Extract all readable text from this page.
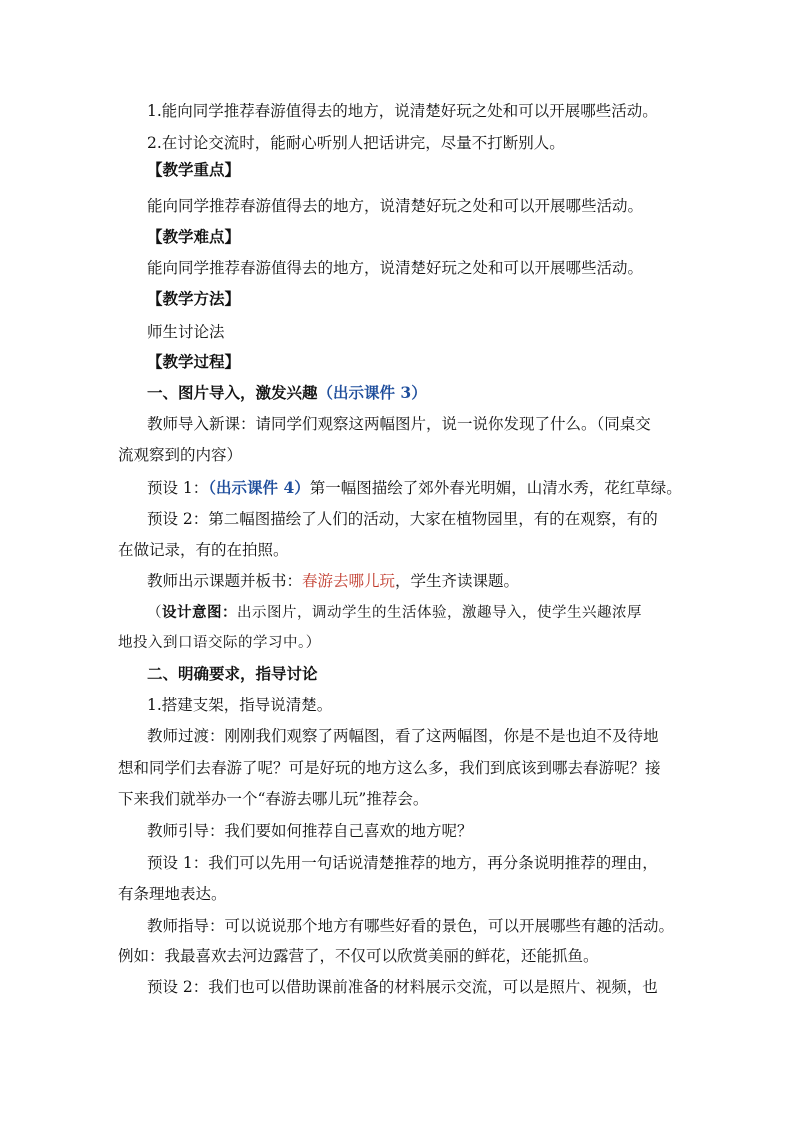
1.能向同学推荐春游值得去的地方，说清楚好玩之处和可以开展哪些活动。
2.在讨论交流时，能耐心听别人把话讲完，尽量不打断别人。
【教学重点】
能向同学推荐春游值得去的地方，说清楚好玩之处和可以开展哪些活动。
【教学难点】
能向同学推荐春游值得去的地方，说清楚好玩之处和可以开展哪些活动。
【教学方法】
师生讨论法
【教学过程】
一、图片导入，激发兴趣（出示课件 3）
教师导入新课：请同学们观察这两幅图片，说一说你发现了什么。（同桌交
流观察到的内容）
预设 1：（出示课件 4）第一幅图描绘了郊外春光明媚，山清水秀，花红草绿。
预设 2：第二幅图描绘了人们的活动，大家在植物园里，有的在观察，有的
在做记录，有的在拍照。
教师出示课题并板书：春游去哪儿玩，学生齐读课题。
（设计意图：出示图片，调动学生的生活体验，激趣导入，使学生兴趣浓厚
地投入到口语交际的学习中。）
二、明确要求，指导讨论
1.搭建支架，指导说清楚。
教师过渡：刚刚我们观察了两幅图，看了这两幅图，你是不是也迫不及待地
想和同学们去春游了呢？可是好玩的地方这么多，我们到底该到哪去春游呢？接
下来我们就举办一个“春游去哪儿玩”推荐会。
教师引导：我们要如何推荐自己喜欢的地方呢？
预设 1：我们可以先用一句话说清楚推荐的地方，再分条说明推荐的理由，
有条理地表达。
教师指导：可以说说那个地方有哪些好看的景色，可以开展哪些有趣的活动。
例如：我最喜欢去河边露营了，不仅可以欣赏美丽的鲜花，还能抓鱼。
预设 2：我们也可以借助课前准备的材料展示交流，可以是照片、视频，也
